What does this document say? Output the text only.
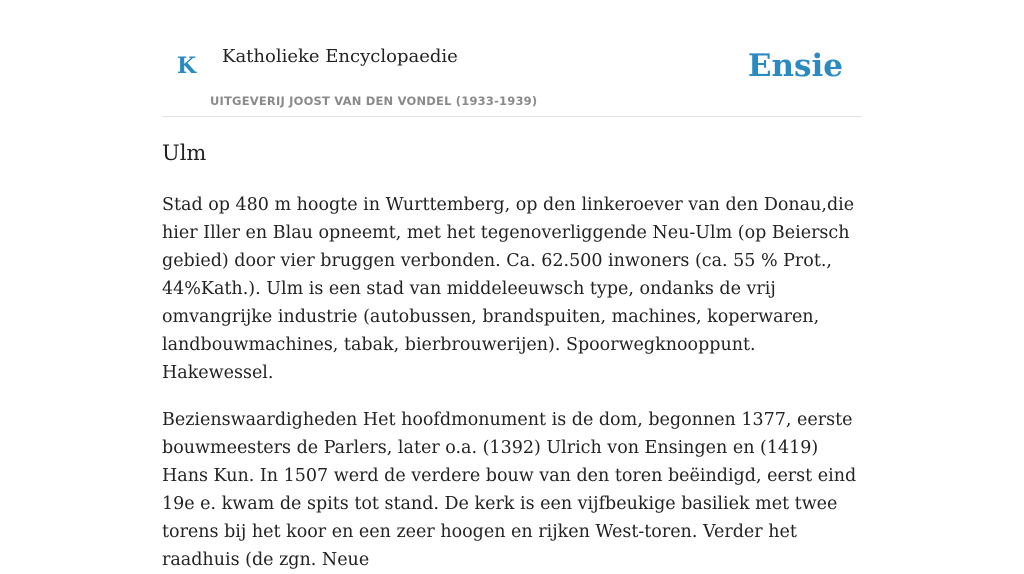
K Katholieke Encyclopaedie
UITGEVERIJ JOOST VAN DEN VONDEL (1933-1939)
Ensie
Ulm

Stad op 480 m hoogte in Wurttemberg, op den linkeroever van den Donau,die hier Iller en Blau opneemt, met het tegenoverliggende Neu-Ulm (op Beiersch gebied) door vier bruggen verbonden. Ca. 62.500 inwoners (ca. 55 % Prot., 44%Kath.). Ulm is een stad van middeleeuwsch type, ondanks de vrij omvangrijke industrie (autobussen, brandspuiten, machines, koperwaren, landbouwmachines, tabak, bierbrouwerijen). Spoorwegknooppunt. Hakewessel.

Bezienswaardigheden Het hoofdmonument is de dom, begonnen 1377, eerste bouwmeesters de Parlers, later o.a. (1392) Ulrich von Ensingen en (1419) Hans Kun. In 1507 werd de verdere bouw van den toren beëindigd, eerst eind 19e e. kwam de spits tot stand. De kerk is een vijfbeukige basiliek met twee torens bij het koor en een zeer hoogen en rijken West-toren. Verder het raadhuis (de zgn. Neue
